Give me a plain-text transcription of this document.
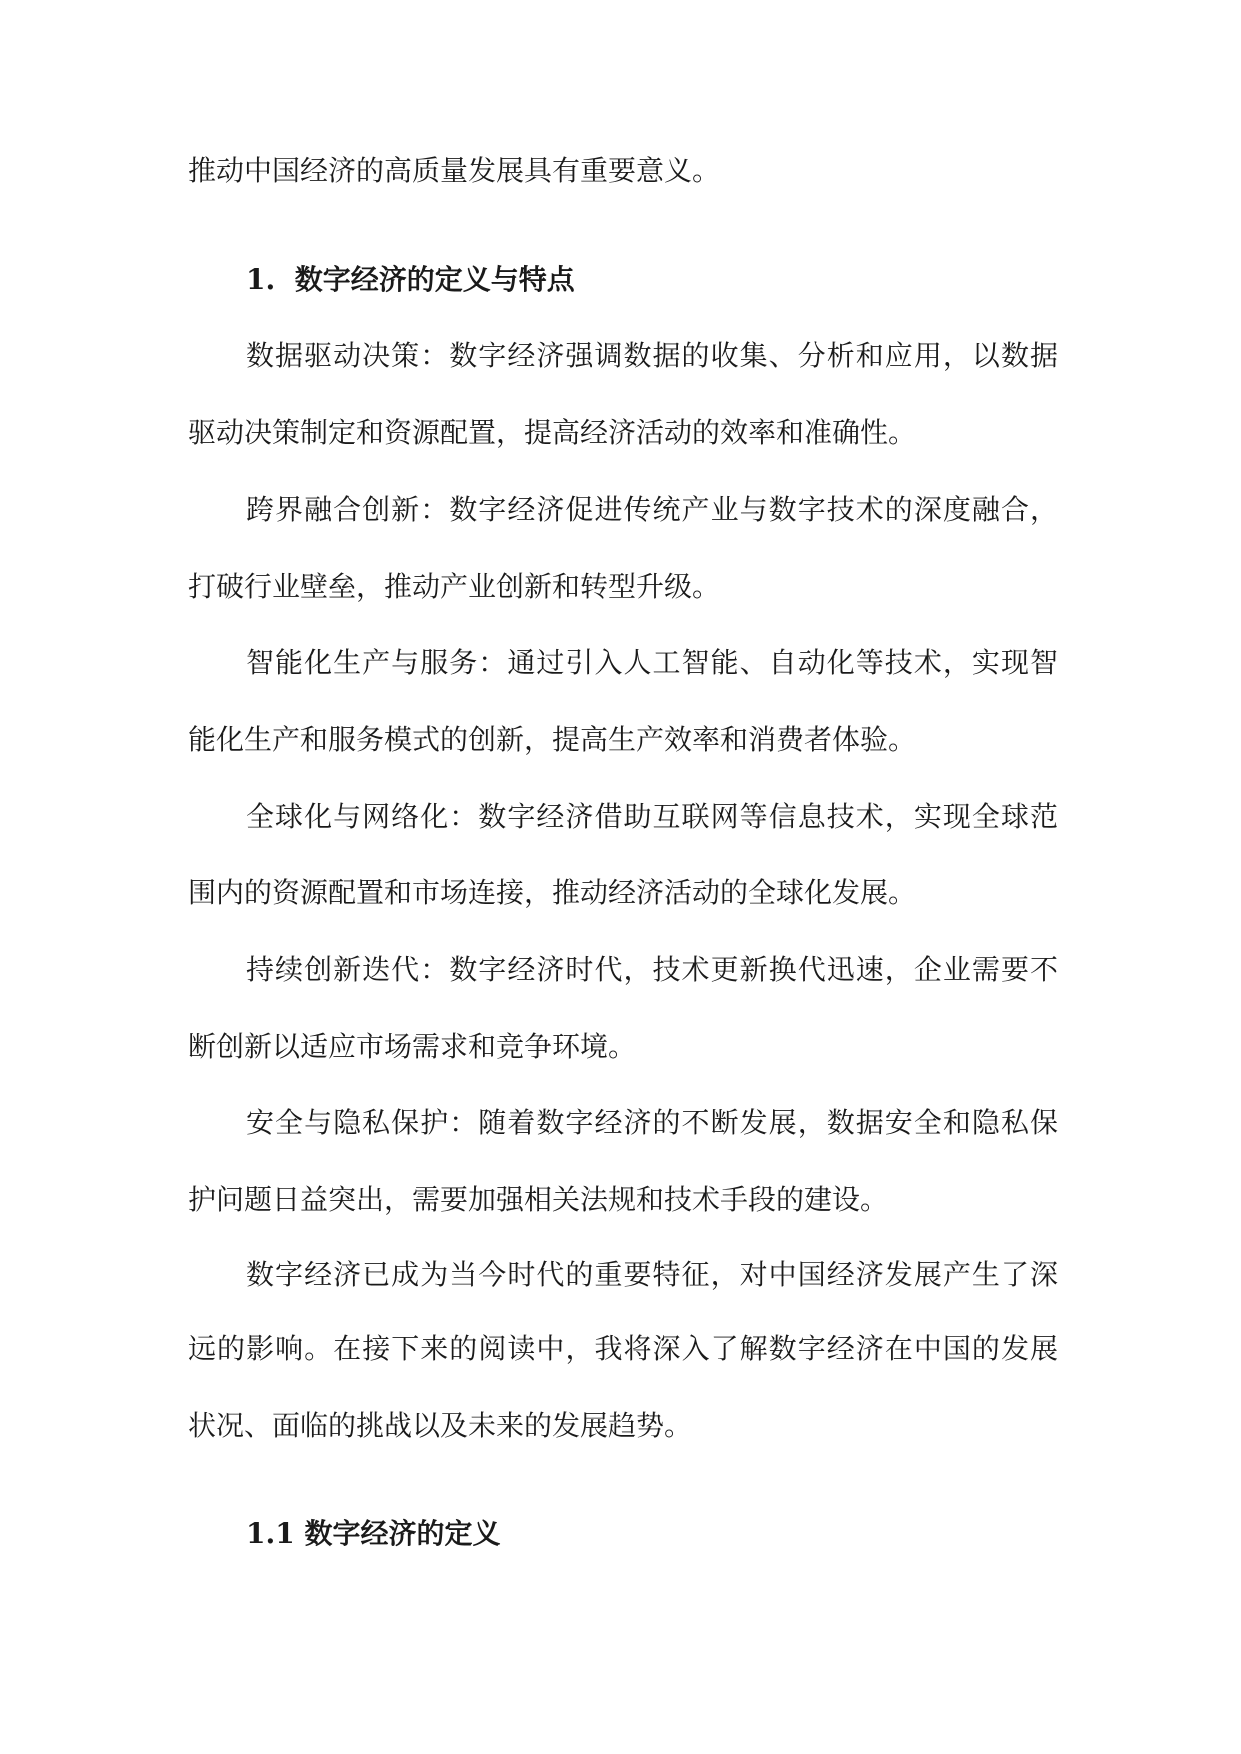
推动中国经济的高质量发展具有重要意义。
1.  数字经济的定义与特点
数据驱动决策：数字经济强调数据的收集、分析和应用，以数据
驱动决策制定和资源配置，提高经济活动的效率和准确性。
跨界融合创新：数字经济促进传统产业与数字技术的深度融合，
打破行业壁垒，推动产业创新和转型升级。
智能化生产与服务：通过引入人工智能、自动化等技术，实现智
能化生产和服务模式的创新，提高生产效率和消费者体验。
全球化与网络化：数字经济借助互联网等信息技术，实现全球范
围内的资源配置和市场连接，推动经济活动的全球化发展。
持续创新迭代：数字经济时代，技术更新换代迅速，企业需要不
断创新以适应市场需求和竞争环境。
安全与隐私保护：随着数字经济的不断发展，数据安全和隐私保
护问题日益突出，需要加强相关法规和技术手段的建设。
数字经济已成为当今时代的重要特征，对中国经济发展产生了深
远的影响。在接下来的阅读中，我将深入了解数字经济在中国的发展
状况、面临的挑战以及未来的发展趋势。
1.1 数字经济的定义
